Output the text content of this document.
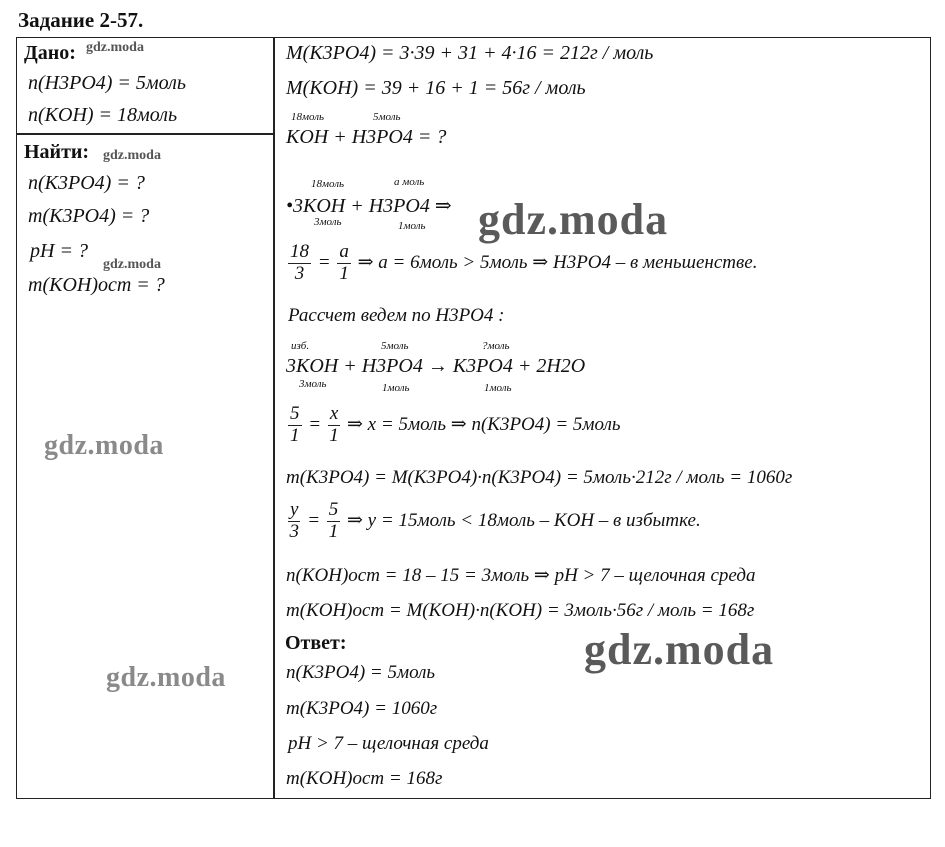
Задание 2-57.
Дано: gdz.moda
n(H3PO4) = 5моль
n(KOH) = 18моль
Найти: gdz.moda
n(K3PO4) = ?
m(K3PO4) = ?
pH = ?
gdz.moda
m(KOH)ост = ?
gdz.moda
gdz.moda
M(K3PO4) = 3·39 + 31 + 4·16 = 212г / моль
M(KOH) = 39 + 16 + 1 = 56г / моль
18моль	5моль
KOH + H3PO4 = ?
18моль	a моль
•3KOH + H3PO4 ⇒
3моль	1моль gdz.moda
$\frac{18}{3} = \frac{a}{1}$ ⇒ a = 6моль > 5моль ⇒ H3PO4 – в меньшенстве.
Рассчет ведем по H3PO4 :
изб.	5моль	?моль
3KOH + H3PO4 → K3PO4 + 2H2O
3моль	1моль	1моль
$\frac{5}{1} = \frac{x}{1}$ ⇒ x = 5моль ⇒ n(K3PO4) = 5моль
m(K3PO4) = M(K3PO4)·n(K3PO4) = 5моль·212г / моль = 1060г
$\frac{y}{3} = \frac{5}{1}$ ⇒ y = 15моль < 18моль – KOH – в избытке.
n(KOH)ост = 18 – 15 = 3моль ⇒ pH > 7 – щелочная среда
m(KOH)ост = M(KOH)·n(KOH) = 3моль·56г / моль = 168г
Ответ:	gdz.moda
n(K3PO4) = 5моль
m(K3PO4) = 1060г
pH > 7 – щелочная среда
m(KOH)ост = 168г
